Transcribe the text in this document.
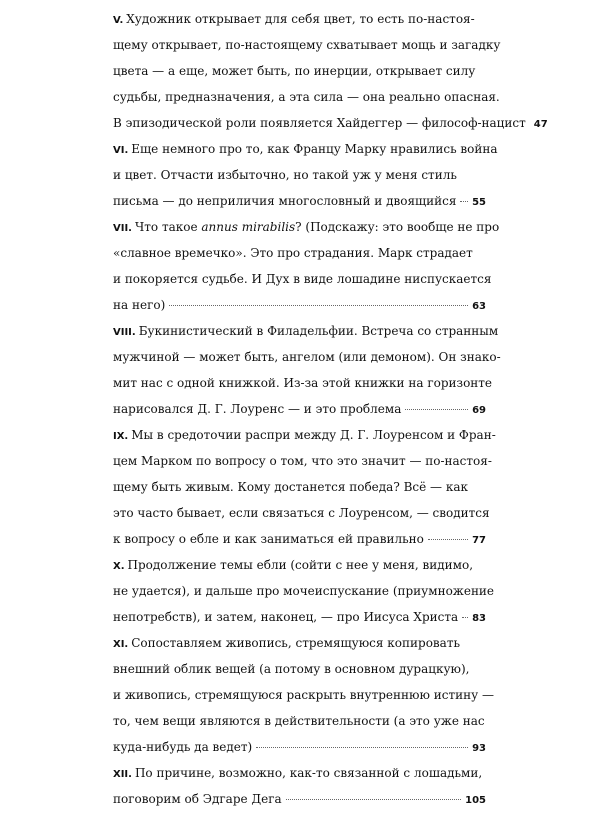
V. Художник открывает для себя цвет, то есть по-настоя-
щему открывает, по-настоящему схватывает мощь и загадку
цвета — а еще, может быть, по инерции, открывает силу
судьбы, предназначения, а эта сила — она реально опасная.
В эпизодической роли появляется Хайдеггер — философ-нацист 47
VI. Еще немного про то, как Францу Марку нравились война
и цвет. Отчасти избыточно, но такой уж у меня стиль
письма — до неприличия многословный и двоящийся 55
VII. Что такое annus mirabilis? (Подскажу: это вообще не про
«славное времечко». Это про страдания. Марк страдает
и покоряется судьбе. И Дух в виде лошадине ниспускается
на него)	63
VIII. Букинистический в Филадельфии. Встреча со странным
мужчиной — может быть, ангелом (или демоном). Он знако-
мит нас с одной книжкой. Из-за этой книжки на горизонте
нарисовался Д. Г. Лоуренс — и это проблема	69
IX. Мы в средоточии распри между Д. Г. Лоуренсом и Фран-
цем Марком по вопросу о том, что это значит — по-настоя-
щему быть живым. Кому достанется победа? Всё — как
это часто бывает, если связаться с Лоуренсом, — сводится
к вопросу о ебле и как заниматься ей правильно	77
X. Продолжение темы ебли (сойти с нее у меня, видимо,
не удается), и дальше про мочеиспускание (приумножение
непотребств), и затем, наконец, — про Иисуса Христа 83
XI. Сопоставляем живопись, стремящуюся копировать
внешний облик вещей (а потому в основном дурацкую),
и живопись, стремящуюся раскрыть внутреннюю истину —
то, чем вещи являются в действительности (а это уже нас
куда-нибудь да ведет)	93
XII. По причине, возможно, как-то связанной с лошадьми,
поговорим об Эдгаре Дега	105
